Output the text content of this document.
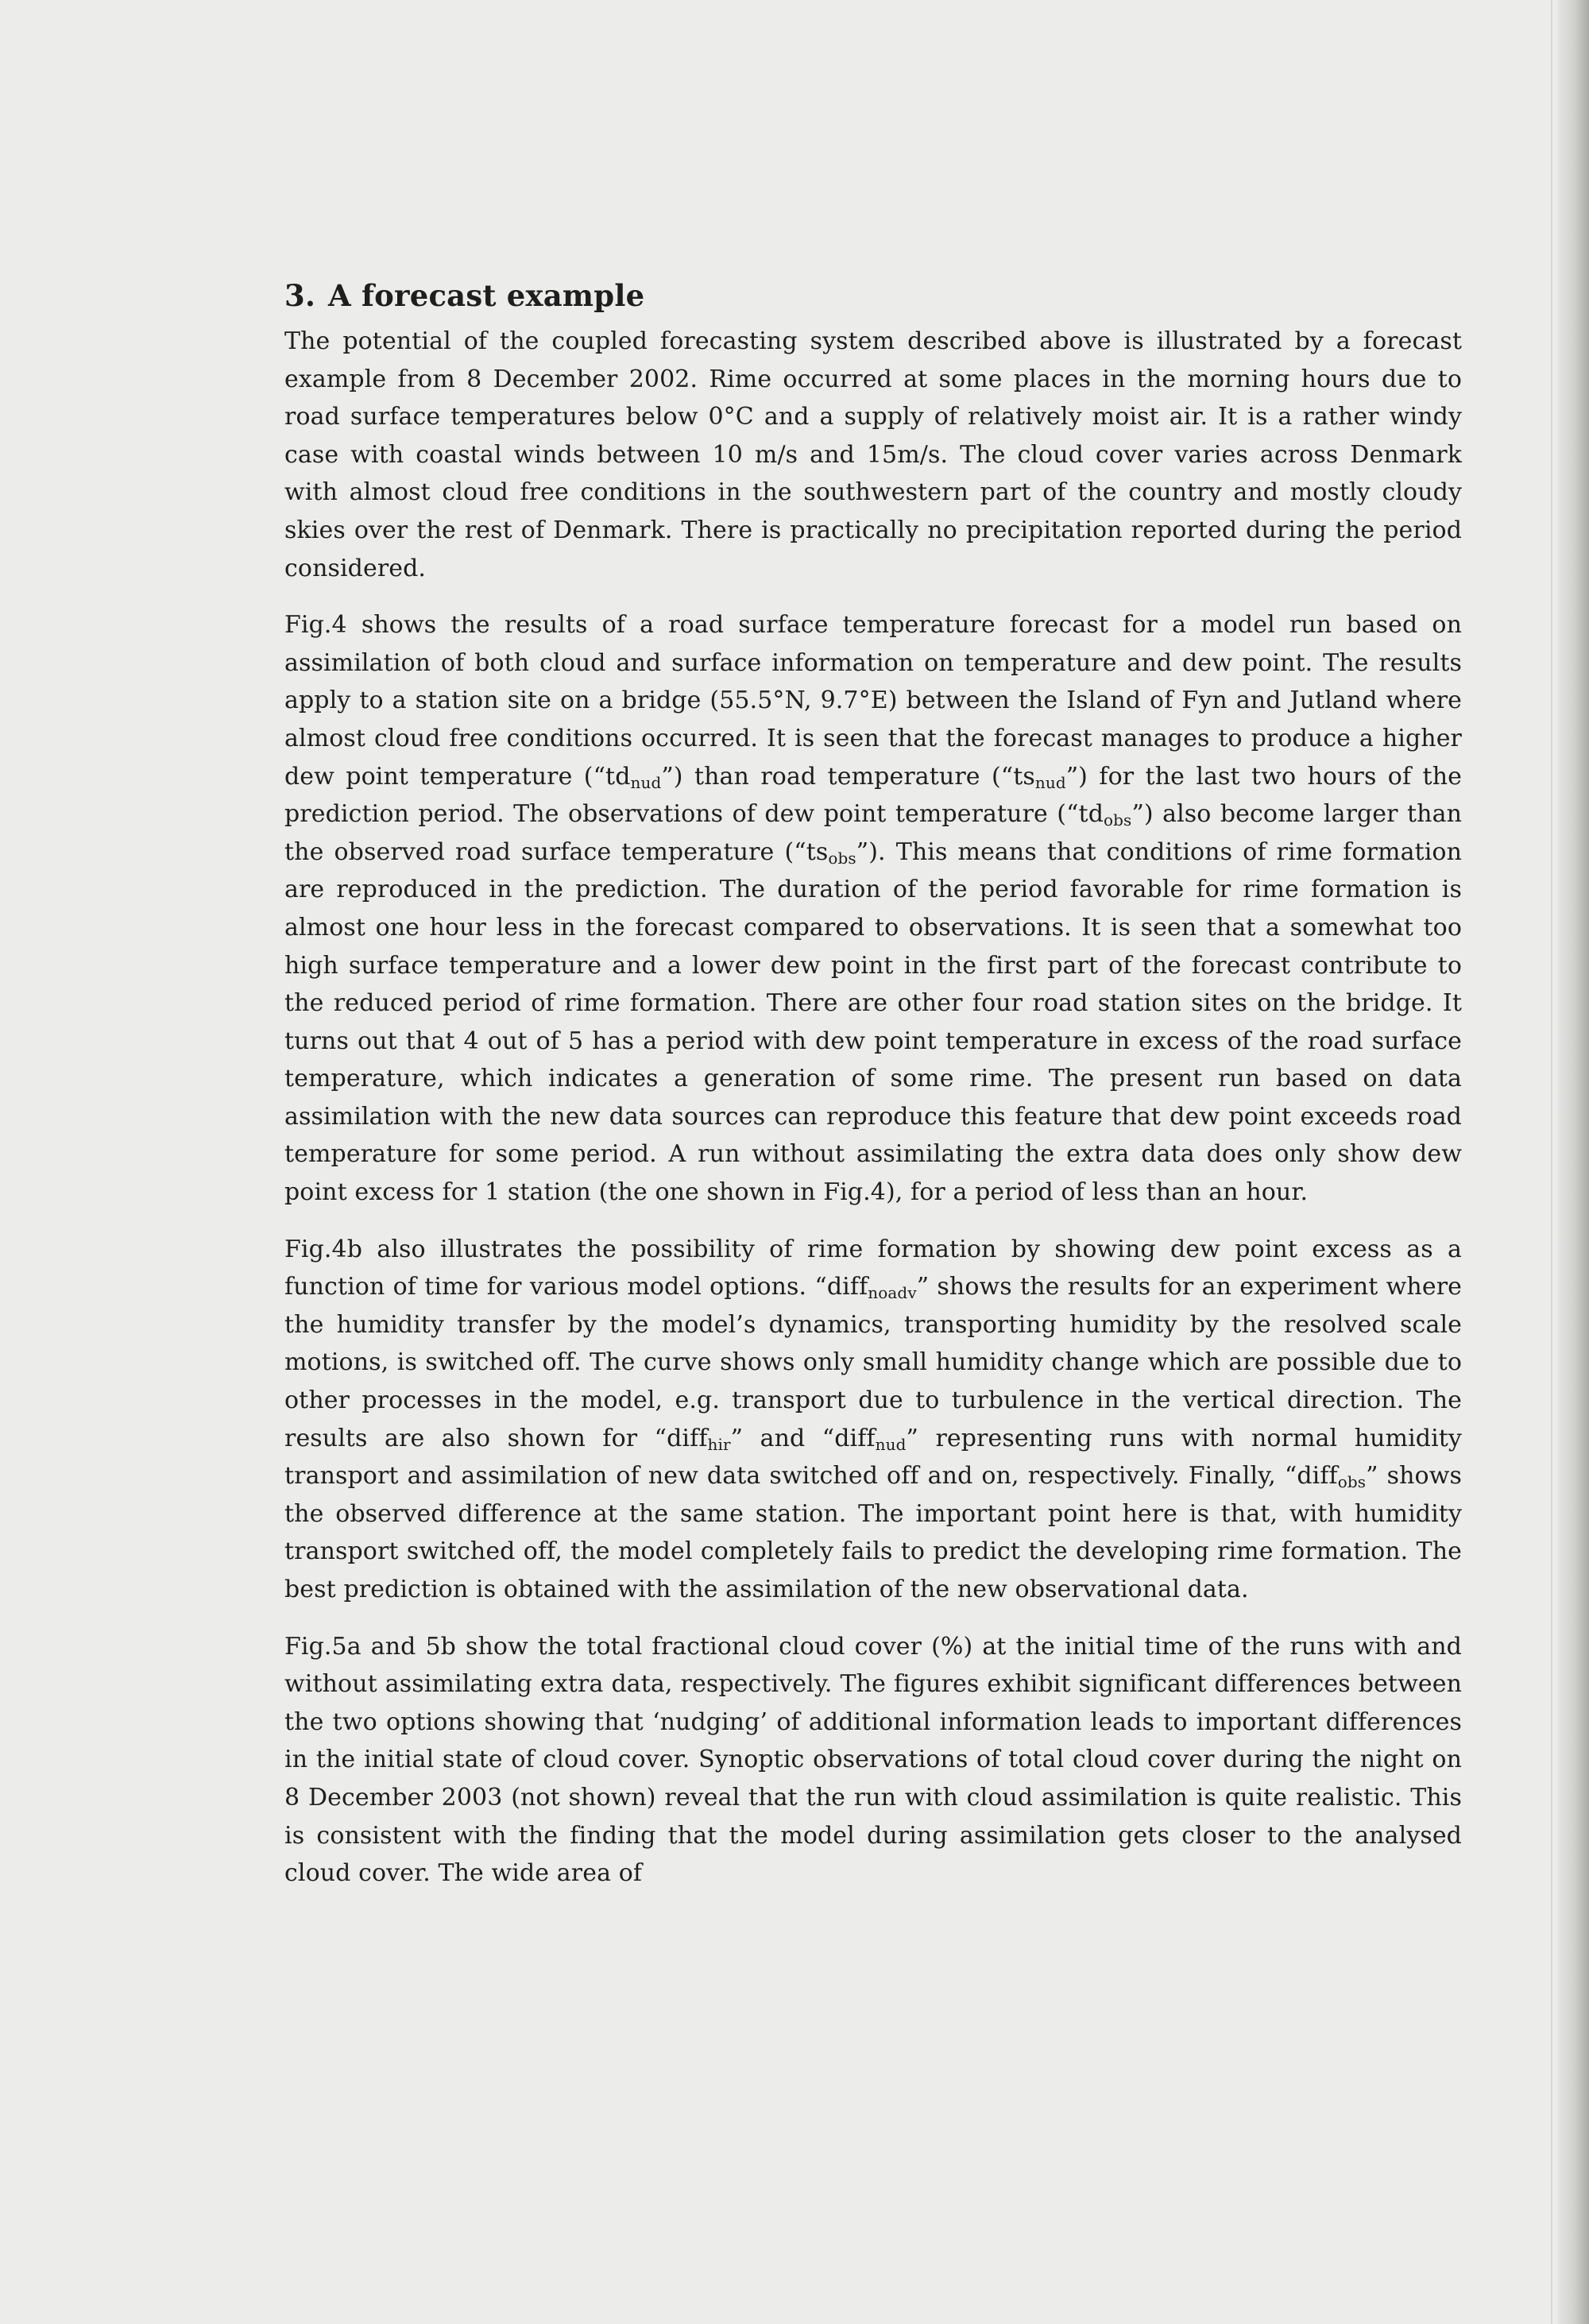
3. A forecast example

The potential of the coupled forecasting system described above is illustrated by a forecast example from 8 December 2002. Rime occurred at some places in the morning hours due to road surface temperatures below 0°C and a supply of relatively moist air. It is a rather windy case with coastal winds between 10 m/s and 15m/s. The cloud cover varies across Denmark with almost cloud free conditions in the southwestern part of the country and mostly cloudy skies over the rest of Denmark. There is practically no precipitation reported during the period considered.

Fig.4 shows the results of a road surface temperature forecast for a model run based on assimilation of both cloud and surface information on temperature and dew point. The results apply to a station site on a bridge (55.5°N, 9.7°E) between the Island of Fyn and Jutland where almost cloud free conditions occurred. It is seen that the forecast manages to produce a higher dew point temperature $(“td_{nud}”)$ than road temperature $(“ts_{nud}”)$ for the last two hours of the prediction period. The observations of dew point temperature $(“td_{obs}”)$ also become larger than the observed road surface temperature $(“ts_{obs}”)$. This means that conditions of rime formation are reproduced in the prediction. The duration of the period favorable for rime formation is almost one hour less in the forecast compared to observations. It is seen that a somewhat too high surface temperature and a lower dew point in the first part of the forecast contribute to the reduced period of rime formation. There are other four road station sites on the bridge. It turns out that 4 out of 5 has a period with dew point temperature in excess of the road surface temperature, which indicates a generation of some rime. The present run based on data assimilation with the new data sources can reproduce this feature that dew point exceeds road temperature for some period. A run without assimilating the extra data does only show dew point excess for 1 station (the one shown in Fig.4), for a period of less than an hour.

Fig.4b also illustrates the possibility of rime formation by showing dew point excess as a function of time for various model options. “diff$_{noadv}$” shows the results for an experiment where the humidity transfer by the model’s dynamics, transporting humidity by the resolved scale motions, is switched off. The curve shows only small humidity change which are possible due to other processes in the model, e.g. transport due to turbulence in the vertical direction. The results are also shown for “diff$_{hir}$” and “diff$_{nud}$” representing runs with normal humidity transport and assimilation of new data switched off and on, respectively. Finally, “diff$_{obs}$” shows the observed difference at the same station. The important point here is that, with humidity transport switched off, the model completely fails to predict the developing rime formation. The best prediction is obtained with the assimilation of the new observational data.

Fig.5a and 5b show the total fractional cloud cover (%) at the initial time of the runs with and without assimilating extra data, respectively. The figures exhibit significant differences between the two options showing that ‘nudging’ of additional information leads to important differences in the initial state of cloud cover. Synoptic observations of total cloud cover during the night on 8 December 2003 (not shown) reveal that the run with cloud assimilation is quite realistic. This is consistent with the finding that the model during assimilation gets closer to the analysed cloud cover. The wide area of
